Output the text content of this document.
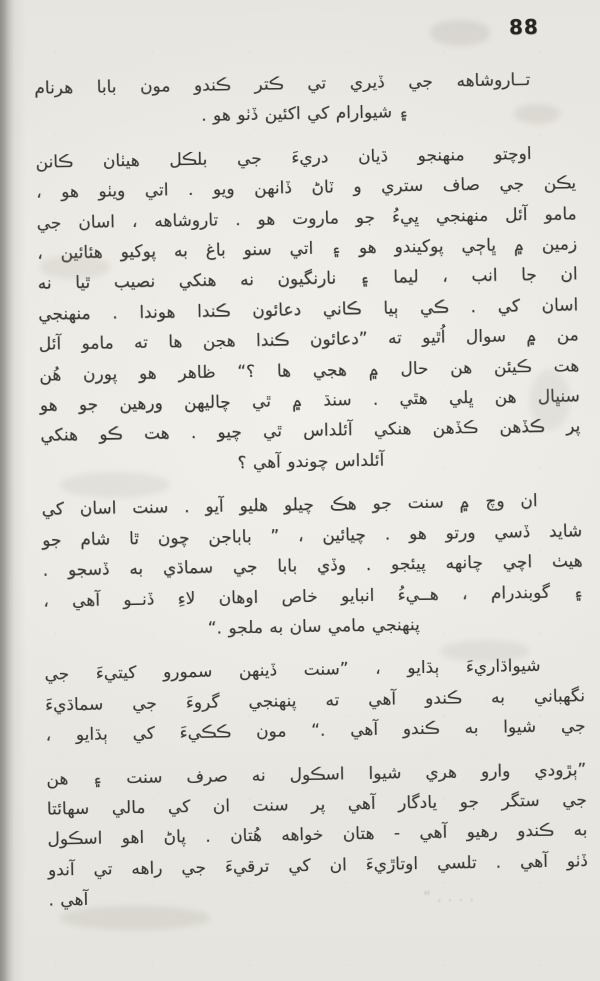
88
تــاروشاهه جي ڏيري تي ڪتر ڪندو مون بابا هرنام
۽ شيوارام کي اکئين ڏٺو هو .
اوچتو منهنجو ڌيان دريءَ جي بلڪل هيٺان ڪانن
يڪن جي صاف ستري و ٽاڻ ڏانهن ويو . اتي ويٺو هو ،
مامو آئل منهنجي ڀيءُ جو ماروت هو . تاروشاهه ، اسان جي
زمين ۾ ڀاڄي پوکيندو هو ۽ اتي سنو باغ به پوکيو هئائين ،
ان جا انب ، ليما ۽ نارنگيون نه هنکي نصيب ٿيا نه
اسان کي . ڪي ٻيا ڪاني دعائون ڪندا هوندا . منهنجي
من ۾ سوال اُٿيو ته ”دعائون ڪندا هجن ها ته مامو آئل
هت ڪيئن هن حال ۾ هجي ها ؟“ ظاهر هو پورن هُن
سنڀال هن ڀلي هٿي . سنڌ ۾ ٿي چاليهن ورهين جو هو
پر ڪڏهن ڪڏهن هنکي آئلداس ٿي چيو . هت ڪو هنکي
آئلداس چوندو آهي ؟
ان وچ ۾ سنت جو هڪ چيلو هليو آيو . سنت اسان کي
شايد ڏسي ورتو هو . چيائين ، ” باباجن چون ٿا شام جو
هيٺ اچي چانهه پيئجو . وڏي بابا جي سماڌي به ڏسجو .
۽ گوبندرام ، هــيءُ انبايو خاص اوهان لاءِ ڏنــو آهي ،
پنهنجي مامي سان به ملجو .“
شيواڌاريءَ ٻڌايو ، ”سنت ڏينهن سمورو کيتيءَ جي
نگهباني به ڪندو آهي ته پنهنجي گروءَ جي سماڌيءَ
جي شيوا به ڪندو آهي .“ مون ڪڪيءَ کي ٻڌايو ،
”ٻڙودي وارو هري شيوا اسڪول نه صرف سنت ۽ هن
جي ستگر جو يادگار آهي پر سنت ان کي مالي سهائتا
به ڪندو رهيو آهي - هتان خواهه هُتان . پاڻ اهو اسڪول
ڏٺو آهي . تلسي اوتاڙيءَ ان کي ترقيءَ جي راهه تي آندو
آهي .	....“
